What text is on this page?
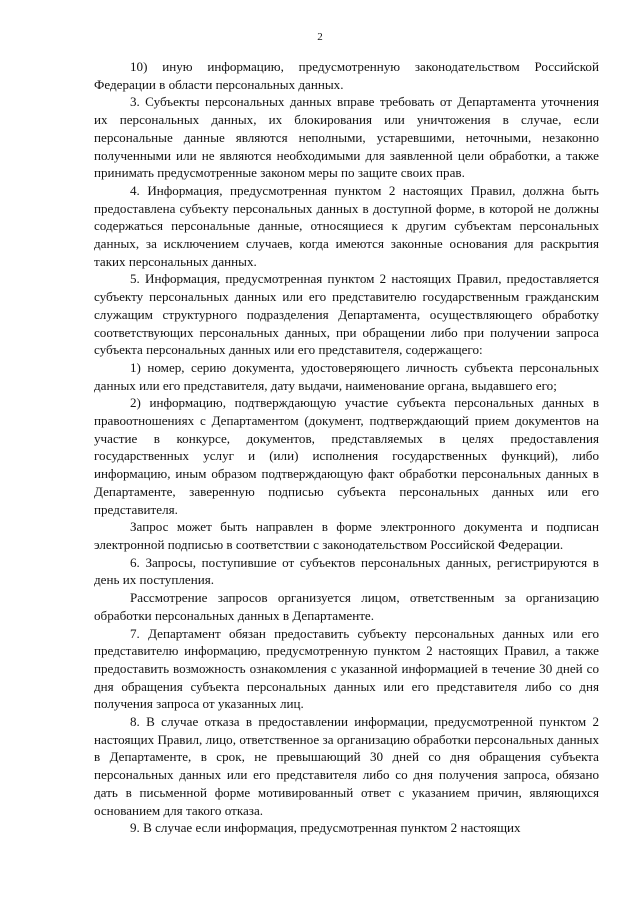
2

10) иную информацию, предусмотренную законодательством Российской Федерации в области персональных данных.

3. Субъекты персональных данных вправе требовать от Департамента уточнения их персональных данных, их блокирования или уничтожения в случае, если персональные данные являются неполными, устаревшими, неточными, незаконно полученными или не являются необходимыми для заявленной цели обработки, а также принимать предусмотренные законом меры по защите своих прав.

4. Информация, предусмотренная пунктом 2 настоящих Правил, должна быть предоставлена субъекту персональных данных в доступной форме, в которой не должны содержаться персональные данные, относящиеся к другим субъектам персональных данных, за исключением случаев, когда имеются законные основания для раскрытия таких персональных данных.

5. Информация, предусмотренная пунктом 2 настоящих Правил, предоставляется субъекту персональных данных или его представителю государственным гражданским служащим структурного подразделения Департамента, осуществляющего обработку соответствующих персональных данных, при обращении либо при получении запроса субъекта персональных данных или его представителя, содержащего:

1) номер, серию документа, удостоверяющего личность субъекта персональных данных или его представителя, дату выдачи, наименование органа, выдавшего его;

2) информацию, подтверждающую участие субъекта персональных данных в правоотношениях с Департаментом (документ, подтверждающий прием документов на участие в конкурсе, документов, представляемых в целях предоставления государственных услуг и (или) исполнения государственных функций), либо информацию, иным образом подтверждающую факт обработки персональных данных в Департаменте, заверенную подписью субъекта персональных данных или его представителя.

Запрос может быть направлен в форме электронного документа и подписан электронной подписью в соответствии с законодательством Российской Федерации.

6. Запросы, поступившие от субъектов персональных данных, регистрируются в день их поступления.

Рассмотрение запросов организуется лицом, ответственным за организацию обработки персональных данных в Департаменте.

7. Департамент обязан предоставить субъекту персональных данных или его представителю информацию, предусмотренную пунктом 2 настоящих Правил, а также предоставить возможность ознакомления с указанной информацией в течение 30 дней со дня обращения субъекта персональных данных или его представителя либо со дня получения запроса от указанных лиц.

8. В случае отказа в предоставлении информации, предусмотренной пунктом 2 настоящих Правил, лицо, ответственное за организацию обработки персональных данных в Департаменте, в срок, не превышающий 30 дней со дня обращения субъекта персональных данных или его представителя либо со дня получения запроса, обязано дать в письменной форме мотивированный ответ с указанием причин, являющихся основанием для такого отказа.

9. В случае если информация, предусмотренная пунктом 2 настоящих
